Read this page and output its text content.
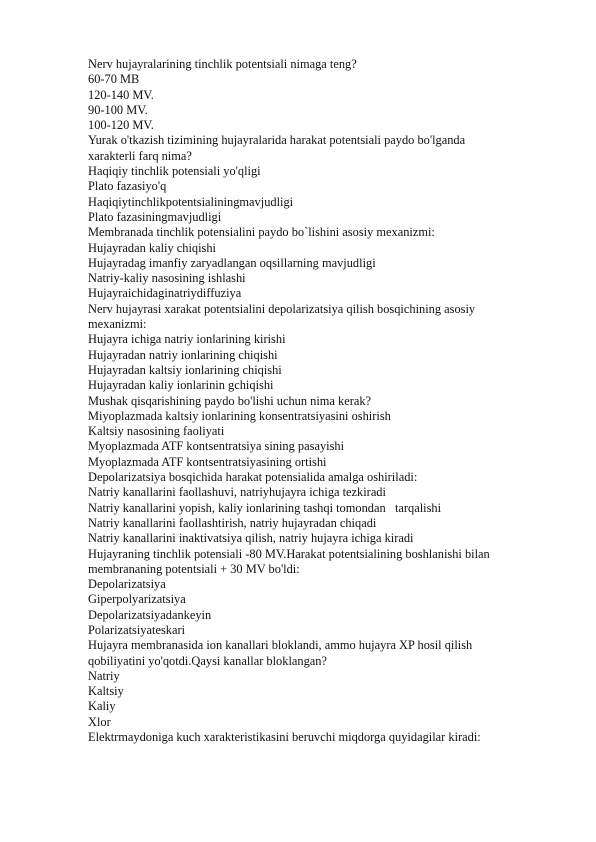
Nerv hujayralarining tinchlik potentsiali nimaga teng?
60-70 MB
120-140 MV.
90-100 MV.
100-120 MV.
Yurak o'tkazish tizimining hujayralarida harakat potentsiali paydo bo'lganda
xarakterli farq nima?
Haqiqiy tinchlik potensiali yo'qligi
Plato fazasiyo'q
Haqiqiytinchlikpotentsialiningmavjudligi
Plato fazasiningmavjudligi
Membranada tinchlik potensialini paydo bo`lishini asosiy mexanizmi:
Hujayradan kaliy chiqishi
Hujayradag imanfiy zaryadlangan oqsillarning mavjudligi
Natriy-kaliy nasosining ishlashi
Hujayraichidaginatriydiffuziya
Nerv hujayrasi xarakat potentsialini depolarizatsiya qilish bosqichining asosiy
mexanizmi:
Hujayra ichiga natriy ionlarining kirishi
Hujayradan natriy ionlarining chiqishi
Hujayradan kaltsiy ionlarining chiqishi
Hujayradan kaliy ionlarinin gchiqishi
Mushak qisqarishining paydo bo'lishi uchun nima kerak?
Miyoplazmada kaltsiy ionlarining konsentratsiyasini oshirish
Kaltsiy nasosining faoliyati
Myoplazmada ATF kontsentratsiya sining pasayishi
Myoplazmada ATF kontsentratsiyasining ortishi
Depolarizatsiya bosqichida harakat potensialida amalga oshiriladi:
Natriy kanallarini faollashuvi, natriyhujayra ichiga tezkiradi
Natriy kanallarini yopish, kaliy ionlarining tashqi tomondan   tarqalishi
Natriy kanallarini faollashtirish, natriy hujayradan chiqadi
Natriy kanallarini inaktivatsiya qilish, natriy hujayra ichiga kiradi
Hujayraning tinchlik potensiali -80 MV.Harakat potentsialining boshlanishi bilan
membrananing potentsiali + 30 MV bo'ldi:
Depolarizatsiya
Giperpolyarizatsiya
Depolarizatsiyadankeyin
Polarizatsiyateskari
Hujayra membranasida ion kanallari bloklandi, ammo hujayra XP hosil qilish
qobiliyatini yo'qotdi.Qaysi kanallar bloklangan?
Natriy
Kaltsiy
Kaliy
Xlor
Elektrmaydoniga kuch xarakteristikasini beruvchi miqdorga quyidagilar kiradi:
